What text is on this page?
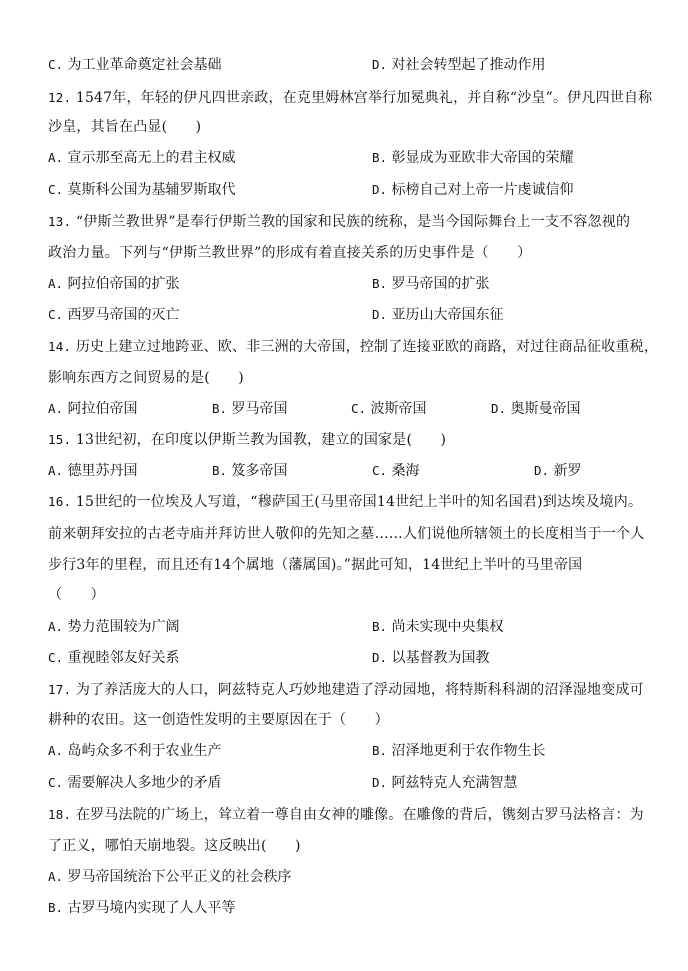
C. 为工业革命奠定社会基础	D. 对社会转型起了推动作用
12. 1547年，年轻的伊凡四世亲政，在克里姆林宫举行加冕典礼，并自称“沙皇”。伊凡四世自称
沙皇，其旨在凸显(　　)
A. 宣示那至高无上的君主权威	B. 彰显成为亚欧非大帝国的荣耀
C. 莫斯科公国为基辅罗斯取代	D. 标榜自己对上帝一片虔诚信仰
13. “伊斯兰教世界”是奉行伊斯兰教的国家和民族的统称，是当今国际舞台上一支不容忽视的
政治力量。下列与“伊斯兰教世界”的形成有着直接关系的历史事件是（　　）
A. 阿拉伯帝国的扩张	B. 罗马帝国的扩张
C. 西罗马帝国的灭亡	D. 亚历山大帝国东征
14. 历史上建立过地跨亚、欧、非三洲的大帝国，控制了连接亚欧的商路，对过往商品征收重税，
影响东西方之间贸易的是(　　)
A. 阿拉伯帝国	B. 罗马帝国	C. 波斯帝国	D. 奥斯曼帝国
15. 13世纪初，在印度以伊斯兰教为国教，建立的国家是(　　)
A. 德里苏丹国	B. 笈多帝国	C. 桑海	D. 新罗
16. 15世纪的一位埃及人写道，“穆萨国王(马里帝国14世纪上半叶的知名国君)到达埃及境内。
前来朝拜安拉的古老寺庙并拜访世人敬仰的先知之墓……人们说他所辖领土的长度相当于一个人
步行3年的里程，而且还有14个属地（藩属国)。”据此可知，14世纪上半叶的马里帝国
（　　）
A. 势力范围较为广阔	B. 尚未实现中央集权
C. 重视睦邻友好关系	D. 以基督教为国教
17. 为了养活庞大的人口，阿兹特克人巧妙地建造了浮动园地，将特斯科科湖的沼泽湿地变成可
耕种的农田。这一创造性发明的主要原因在于（　　）
A. 岛屿众多不利于农业生产	B. 沼泽地更利于农作物生长
C. 需要解决人多地少的矛盾	D. 阿兹特克人充满智慧
18. 在罗马法院的广场上，耸立着一尊自由女神的雕像。在雕像的背后，镌刻古罗马法格言：为
了正义，哪怕天崩地裂。这反映出(　　)
A. 罗马帝国统治下公平正义的社会秩序
B. 古罗马境内实现了人人平等
